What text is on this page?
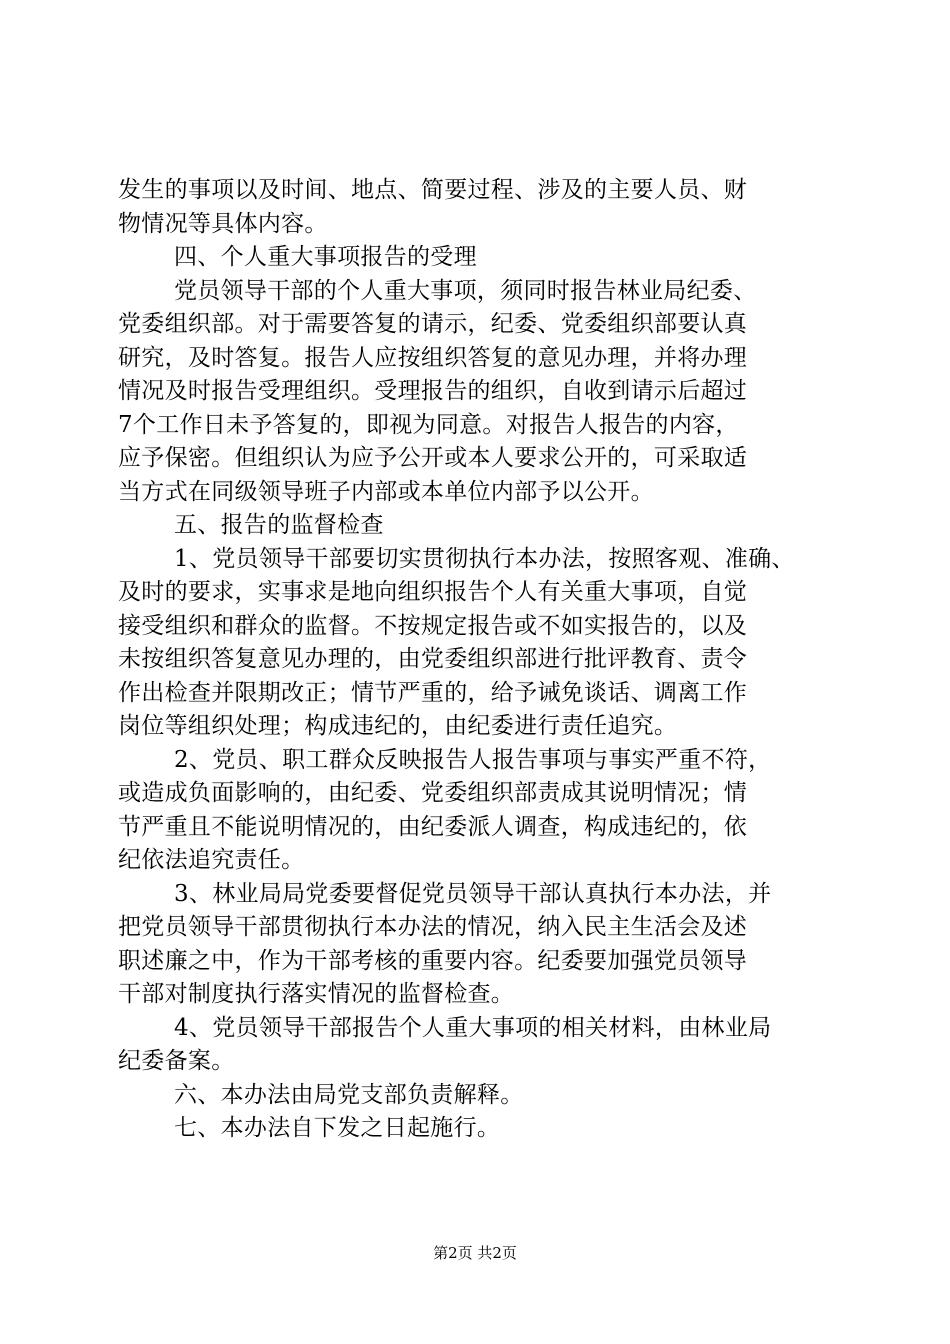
发生的事项以及时间、地点、简要过程、涉及的主要人员、财
物情况等具体内容。
四、个人重大事项报告的受理
党员领导干部的个人重大事项，须同时报告林业局纪委、
党委组织部。对于需要答复的请示，纪委、党委组织部要认真
研究，及时答复。报告人应按组织答复的意见办理，并将办理
情况及时报告受理组织。受理报告的组织，自收到请示后超过
7个工作日未予答复的，即视为同意。对报告人报告的内容，
应予保密。但组织认为应予公开或本人要求公开的，可采取适
当方式在同级领导班子内部或本单位内部予以公开。
五、报告的监督检查
1、党员领导干部要切实贯彻执行本办法，按照客观、准确、
及时的要求，实事求是地向组织报告个人有关重大事项，自觉
接受组织和群众的监督。不按规定报告或不如实报告的，以及
未按组织答复意见办理的，由党委组织部进行批评教育、责令
作出检查并限期改正；情节严重的，给予诫免谈话、调离工作
岗位等组织处理；构成违纪的，由纪委进行责任追究。
2、党员、职工群众反映报告人报告事项与事实严重不符，
或造成负面影响的，由纪委、党委组织部责成其说明情况；情
节严重且不能说明情况的，由纪委派人调查，构成违纪的，依
纪依法追究责任。
3、林业局局党委要督促党员领导干部认真执行本办法，并
把党员领导干部贯彻执行本办法的情况，纳入民主生活会及述
职述廉之中，作为干部考核的重要内容。纪委要加强党员领导
干部对制度执行落实情况的监督检查。
4、党员领导干部报告个人重大事项的相关材料，由林业局
纪委备案。
六、本办法由局党支部负责解释。
七、本办法自下发之日起施行。
第2页 共2页
